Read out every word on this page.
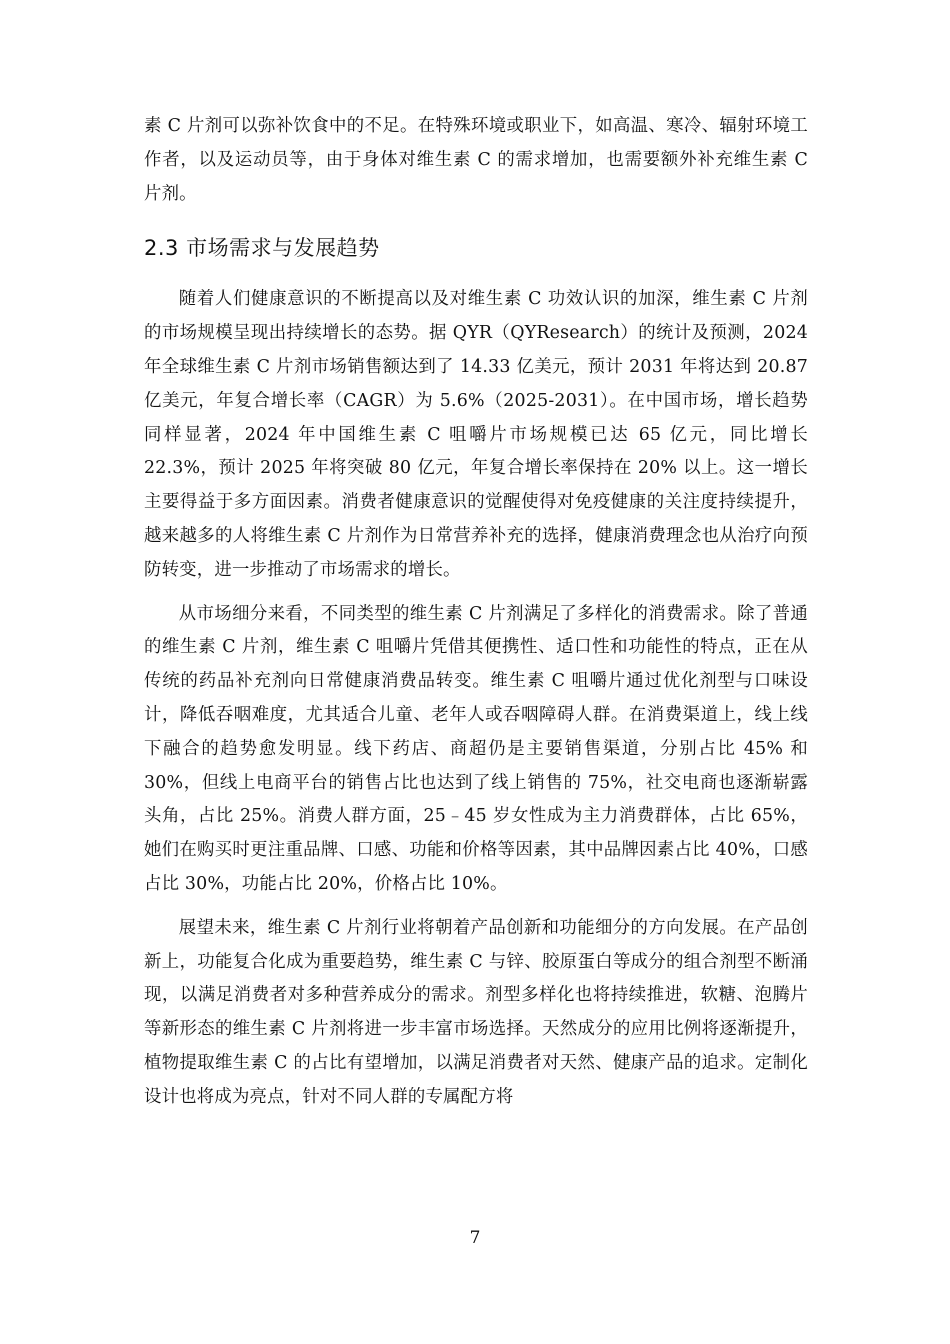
素 C 片剂可以弥补饮食中的不足。在特殊环境或职业下，如高温、寒冷、辐射环境工作者，以及运动员等，由于身体对维生素 C 的需求增加，也需要额外补充维生素 C 片剂。

2.3 市场需求与发展趋势

随着人们健康意识的不断提高以及对维生素 C 功效认识的加深，维生素 C 片剂的市场规模呈现出持续增长的态势。据 QYR（QYResearch）的统计及预测，2024 年全球维生素 C 片剂市场销售额达到了 14.33 亿美元，预计 2031 年将达到 20.87 亿美元，年复合增长率（CAGR）为 5.6%（2025-2031）。在中国市场，增长趋势同样显著，2024 年中国维生素 C 咀嚼片市场规模已达 65 亿元，同比增长 22.3%，预计 2025 年将突破 80 亿元，年复合增长率保持在 20% 以上。这一增长主要得益于多方面因素。消费者健康意识的觉醒使得对免疫健康的关注度持续提升，越来越多的人将维生素 C 片剂作为日常营养补充的选择，健康消费理念也从治疗向预防转变，进一步推动了市场需求的增长。

从市场细分来看，不同类型的维生素 C 片剂满足了多样化的消费需求。除了普通的维生素 C 片剂，维生素 C 咀嚼片凭借其便携性、适口性和功能性的特点，正在从传统的药品补充剂向日常健康消费品转变。维生素 C 咀嚼片通过优化剂型与口味设计，降低吞咽难度，尤其适合儿童、老年人或吞咽障碍人群。在消费渠道上，线上线下融合的趋势愈发明显。线下药店、商超仍是主要销售渠道，分别占比 45% 和 30%，但线上电商平台的销售占比也达到了线上销售的 75%，社交电商也逐渐崭露头角，占比 25%。消费人群方面，25﹣45 岁女性成为主力消费群体，占比 65%，她们在购买时更注重品牌、口感、功能和价格等因素，其中品牌因素占比 40%，口感占比 30%，功能占比 20%，价格占比 10%。

展望未来，维生素 C 片剂行业将朝着产品创新和功能细分的方向发展。在产品创新上，功能复合化成为重要趋势，维生素 C 与锌、胶原蛋白等成分的组合剂型不断涌现，以满足消费者对多种营养成分的需求。剂型多样化也将持续推进，软糖、泡腾片等新形态的维生素 C 片剂将进一步丰富市场选择。天然成分的应用比例将逐渐提升，植物提取维生素 C 的占比有望增加，以满足消费者对天然、健康产品的追求。定制化设计也将成为亮点，针对不同人群的专属配方将

7
